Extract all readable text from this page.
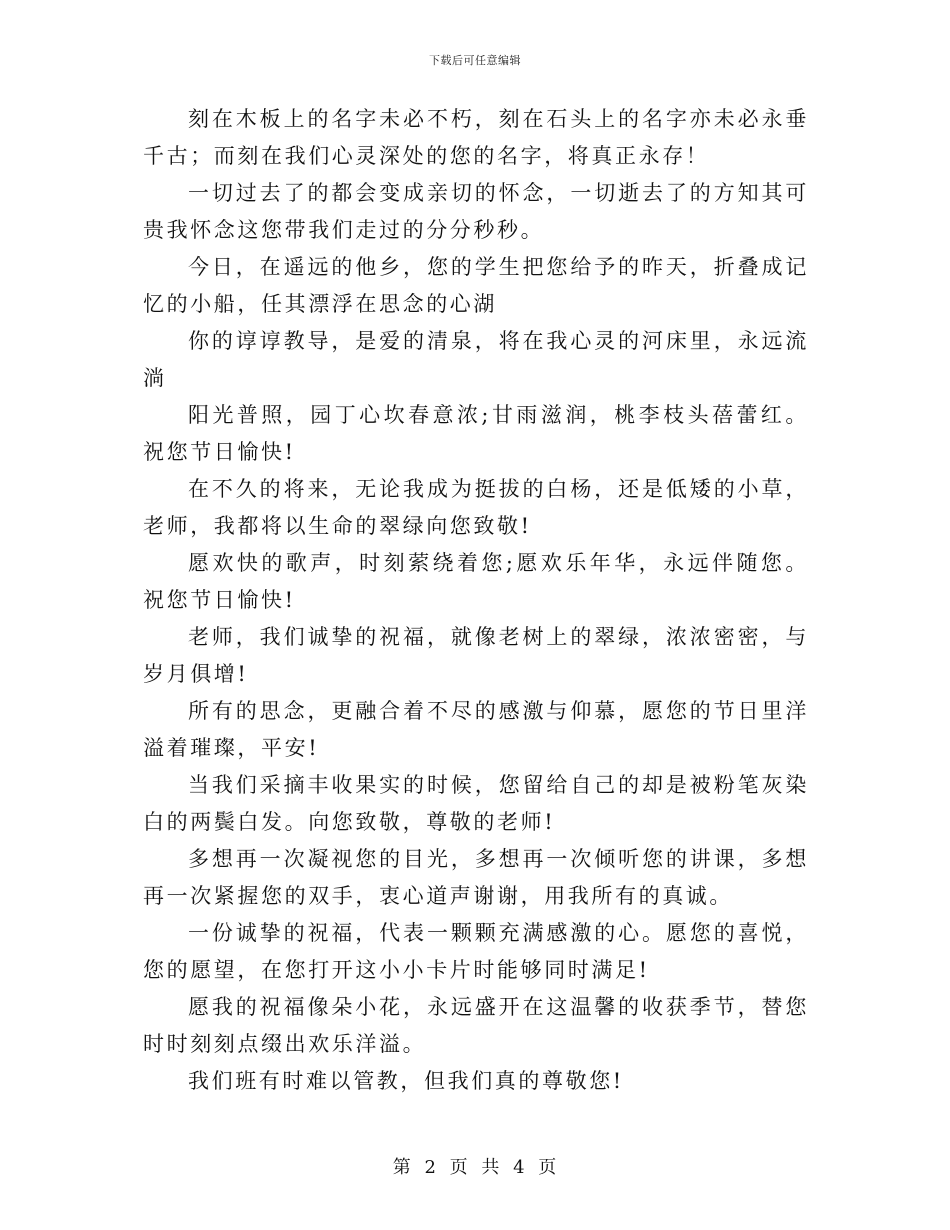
下载后可任意编辑

刻在木板上的名字未必不朽，刻在石头上的名字亦未必永垂千古；而刻在我们心灵深处的您的名字，将真正永存！

一切过去了的都会变成亲切的怀念，一切逝去了的方知其可贵我怀念这您带我们走过的分分秒秒。

今日，在遥远的他乡，您的学生把您给予的昨天，折叠成记忆的小船，任其漂浮在思念的心湖

你的谆谆教导，是爱的清泉，将在我心灵的河床里，永远流淌

阳光普照，园丁心坎春意浓;甘雨滋润，桃李枝头蓓蕾红。祝您节日愉快!

在不久的将来，无论我成为挺拔的白杨，还是低矮的小草，老师，我都将以生命的翠绿向您致敬!

愿欢快的歌声，时刻萦绕着您;愿欢乐年华，永远伴随您。祝您节日愉快!

老师，我们诚挚的祝福，就像老树上的翠绿，浓浓密密，与岁月俱增!

所有的思念，更融合着不尽的感激与仰慕，愿您的节日里洋溢着璀璨，平安!

当我们采摘丰收果实的时候，您留给自己的却是被粉笔灰染白的两鬓白发。向您致敬，尊敬的老师!

多想再一次凝视您的目光，多想再一次倾听您的讲课，多想再一次紧握您的双手，衷心道声谢谢，用我所有的真诚。

一份诚挚的祝福，代表一颗颗充满感激的心。愿您的喜悦，您的愿望，在您打开这小小卡片时能够同时满足!

愿我的祝福像朵小花，永远盛开在这温馨的收获季节，替您时时刻刻点缀出欢乐洋溢。

我们班有时难以管教，但我们真的尊敬您!

第 2 页 共 4 页
